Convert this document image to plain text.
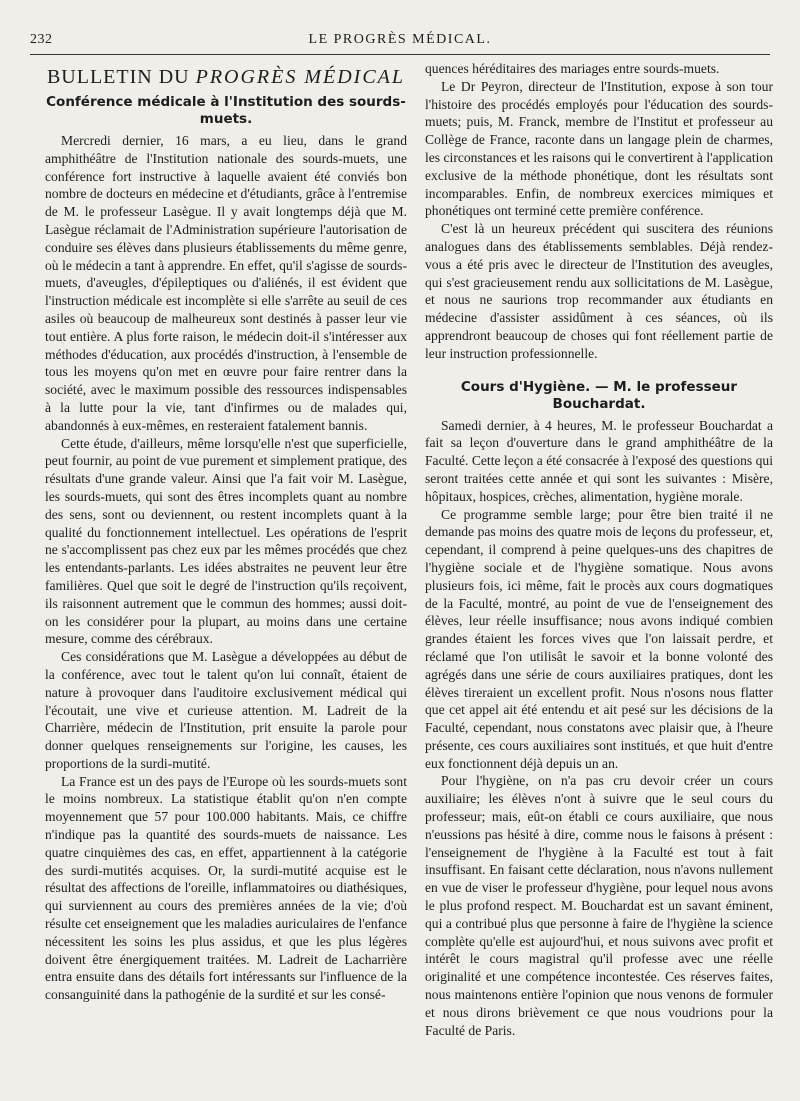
232	LE PROGRÈS MÉDICAL.
BULLETIN DU PROGRÈS MÉDICAL
Conférence médicale à l'Institution des sourds-muets.

Mercredi dernier, 16 mars, a eu lieu, dans le grand amphithéâtre de l'Institution nationale des sourds-muets, une conférence fort instructive à laquelle avaient été conviés bon nombre de docteurs en médecine et d'étudiants, grâce à l'entremise de M. le professeur Lasègue. Il y avait longtemps déjà que M. Lasègue réclamait de l'Administration supérieure l'autorisation de conduire ses élèves dans plusieurs établissements du même genre, où le médecin a tant à apprendre. En effet, qu'il s'agisse de sourds-muets, d'aveugles, d'épileptiques ou d'aliénés, il est évident que l'instruction médicale est incomplète si elle s'arrête au seuil de ces asiles où beaucoup de malheureux sont destinés à passer leur vie tout entière. A plus forte raison, le médecin doit-il s'intéresser aux méthodes d'éducation, aux procédés d'instruction, à l'ensemble de tous les moyens qu'on met en œuvre pour faire rentrer dans la société, avec le maximum possible des ressources indispensables à la lutte pour la vie, tant d'infirmes ou de malades qui, abandonnés à eux-mêmes, en resteraient fatalement bannis.

Cette étude, d'ailleurs, même lorsqu'elle n'est que superficielle, peut fournir, au point de vue purement et simplement pratique, des résultats d'une grande valeur. Ainsi que l'a fait voir M. Lasègue, les sourds-muets, qui sont des êtres incomplets quant au nombre des sens, sont ou deviennent, ou restent incomplets quant à la qualité du fonctionnement intellectuel. Les opérations de l'esprit ne s'accomplissent pas chez eux par les mêmes procédés que chez les entendants-parlants. Les idées abstraites ne peuvent leur être familières. Quel que soit le degré de l'instruction qu'ils reçoivent, ils raisonnent autrement que le commun des hommes; aussi doit-on les considérer pour la plupart, au moins dans une certaine mesure, comme des cérébraux.

Ces considérations que M. Lasègue a développées au début de la conférence, avec tout le talent qu'on lui connaît, étaient de nature à provoquer dans l'auditoire exclusivement médical qui l'écoutait, une vive et curieuse attention. M. Ladreit de la Charrière, médecin de l'Institution, prit ensuite la parole pour donner quelques renseignements sur l'origine, les causes, les proportions de la surdi-mutité.

La France est un des pays de l'Europe où les sourds-muets sont le moins nombreux. La statistique établit qu'on n'en compte moyennement que 57 pour 100.000 habitants. Mais, ce chiffre n'indique pas la quantité des sourds-muets de naissance. Les quatre cinquièmes des cas, en effet, appartiennent à la catégorie des surdi-mutités acquises. Or, la surdi-mutité acquise est le résultat des affections de l'oreille, inflammatoires ou diathésiques, qui surviennent au cours des premières années de la vie; d'où résulte cet enseignement que les maladies auriculaires de l'enfance nécessitent les soins les plus assidus, et que les plus légères doivent être énergiquement traitées. M. Ladreit de Lacharrière entra ensuite dans des détails fort intéressants sur l'influence de la consanguinité dans la pathogénie de la surdité et sur les consé-

quences héréditaires des mariages entre sourds-muets.

Le Dr Peyron, directeur de l'Institution, expose à son tour l'histoire des procédés employés pour l'éducation des sourds-muets; puis, M. Franck, membre de l'Institut et professeur au Collège de France, raconte dans un langage plein de charmes, les circonstances et les raisons qui le convertirent à l'application exclusive de la méthode phonétique, dont les résultats sont incomparables. Enfin, de nombreux exercices mimiques et phonétiques ont terminé cette première conférence.

C'est là un heureux précédent qui suscitera des réunions analogues dans des établissements semblables. Déjà rendez-vous a été pris avec le directeur de l'Institution des aveugles, qui s'est gracieusement rendu aux sollicitations de M. Lasègue, et nous ne saurions trop recommander aux étudiants en médecine d'assister assidûment à ces séances, où ils apprendront beaucoup de choses qui font réellement partie de leur instruction professionnelle.

Cours d'Hygiène. — M. le professeur Bouchardat.

Samedi dernier, à 4 heures, M. le professeur Bouchardat a fait sa leçon d'ouverture dans le grand amphithéâtre de la Faculté. Cette leçon a été consacrée à l'exposé des questions qui seront traitées cette année et qui sont les suivantes : Misère, hôpitaux, hospices, crèches, alimentation, hygiène morale.

Ce programme semble large; pour être bien traité il ne demande pas moins des quatre mois de leçons du professeur, et, cependant, il comprend à peine quelques-uns des chapitres de l'hygiène sociale et de l'hygiène somatique. Nous avons plusieurs fois, ici même, fait le procès aux cours dogmatiques de la Faculté, montré, au point de vue de l'enseignement des élèves, leur réelle insuffisance; nous avons indiqué combien grandes étaient les forces vives que l'on laissait perdre, et réclamé que l'on utilisât le savoir et la bonne volonté des agrégés dans une série de cours auxiliaires pratiques, dont les élèves tireraient un excellent profit. Nous n'osons nous flatter que cet appel ait été entendu et ait pesé sur les décisions de la Faculté, cependant, nous constatons avec plaisir que, à l'heure présente, ces cours auxiliaires sont institués, et que huit d'entre eux fonctionnent déjà depuis un an.

Pour l'hygiène, on n'a pas cru devoir créer un cours auxiliaire; les élèves n'ont à suivre que le seul cours du professeur; mais, eût-on établi ce cours auxiliaire, que nous n'eussions pas hésité à dire, comme nous le faisons à présent : l'enseignement de l'hygiène à la Faculté est tout à fait insuffisant. En faisant cette déclaration, nous n'avons nullement en vue de viser le professeur d'hygiène, pour lequel nous avons le plus profond respect. M. Bouchardat est un savant éminent, qui a contribué plus que personne à faire de l'hygiène la science complète qu'elle est aujourd'hui, et nous suivons avec profit et intérêt le cours magistral qu'il professe avec une réelle originalité et une compétence incontestée. Ces réserves faites, nous maintenons entière l'opinion que nous venons de formuler et nous dirons brièvement ce que nous voudrions pour la Faculté de Paris.
